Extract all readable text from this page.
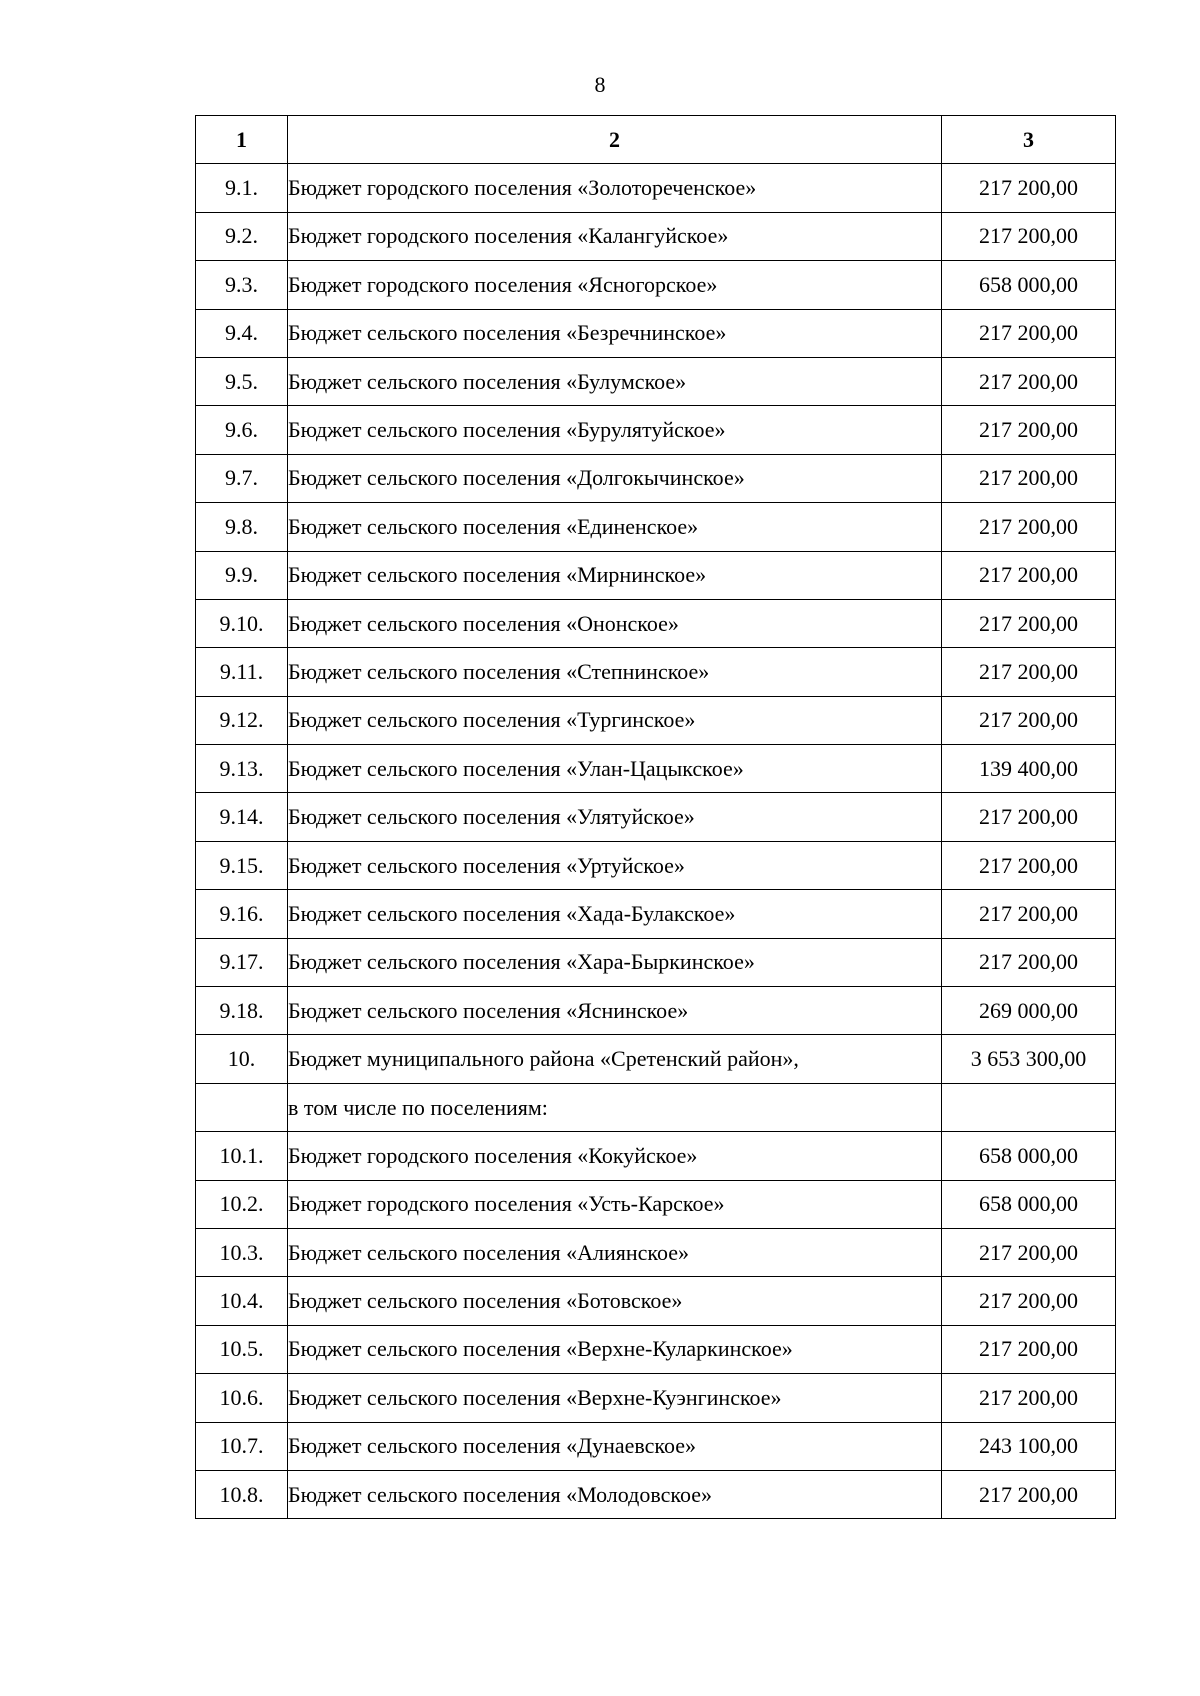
8
1	2	3
9.1.	Бюджет городского поселения «Золотореченское»	217 200,00
9.2.	Бюджет городского поселения «Калангуйское»	217 200,00
9.3.	Бюджет городского поселения «Ясногорское»	658 000,00
9.4.	Бюджет сельского поселения «Безречнинское»	217 200,00
9.5.	Бюджет сельского поселения «Булумское»	217 200,00
9.6.	Бюджет сельского поселения «Бурулятуйское»	217 200,00
9.7.	Бюджет сельского поселения «Долгокычинское»	217 200,00
9.8.	Бюджет сельского поселения «Единенское»	217 200,00
9.9.	Бюджет сельского поселения «Мирнинское»	217 200,00
9.10.	Бюджет сельского поселения «Ононское»	217 200,00
9.11.	Бюджет сельского поселения «Степнинское»	217 200,00
9.12.	Бюджет сельского поселения «Тургинское»	217 200,00
9.13.	Бюджет сельского поселения «Улан-Цацыкское»	139 400,00
9.14.	Бюджет сельского поселения «Улятуйское»	217 200,00
9.15.	Бюджет сельского поселения «Уртуйское»	217 200,00
9.16.	Бюджет сельского поселения «Хада-Булакское»	217 200,00
9.17.	Бюджет сельского поселения «Хара-Быркинское»	217 200,00
9.18.	Бюджет сельского поселения «Яснинское»	269 000,00
10.	Бюджет муниципального района «Сретенский район»,	3 653 300,00
	в том числе по поселениям:	
10.1.	Бюджет городского поселения «Кокуйское»	658 000,00
10.2.	Бюджет городского поселения «Усть-Карское»	658 000,00
10.3.	Бюджет сельского поселения «Алиянское»	217 200,00
10.4.	Бюджет сельского поселения «Ботовское»	217 200,00
10.5.	Бюджет сельского поселения «Верхне-Куларкинское»	217 200,00
10.6.	Бюджет сельского поселения «Верхне-Куэнгинское»	217 200,00
10.7.	Бюджет сельского поселения «Дунаевское»	243 100,00
10.8.	Бюджет сельского поселения «Молодовское»	217 200,00
